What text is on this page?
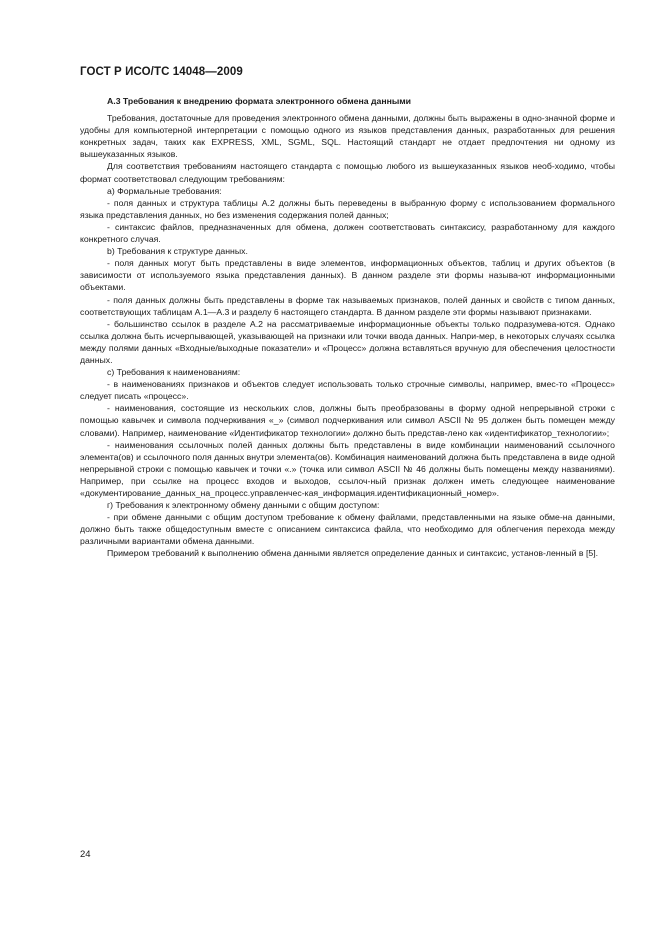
ГОСТ Р ИСО/ТС 14048—2009

А.3 Требования к внедрению формата электронного обмена данными

Требования, достаточные для проведения электронного обмена данными, должны быть выражены в одно-значной форме и удобны для компьютерной интерпретации с помощью одного из языков представления данных, разработанных для решения конкретных задач, таких как EXPRESS, XML, SGML, SQL. Настоящий стандарт не отдает предпочтения ни одному из вышеуказанных языков.

Для соответствия требованиям настоящего стандарта с помощью любого из вышеуказанных языков необ-ходимо, чтобы формат соответствовал следующим требованиям:

а) Формальные требования:

- поля данных и структура таблицы А.2 должны быть переведены в выбранную форму с использованием формального языка представления данных, но без изменения содержания полей данных;

- синтаксис файлов, предназначенных для обмена, должен соответствовать синтаксису, разработанному для каждого конкретного случая.

b) Требования к структуре данных.

- поля данных могут быть представлены в виде элементов, информационных объектов, таблиц и других объектов (в зависимости от используемого языка представления данных). В данном разделе эти формы называ-ют информационными объектами.

- поля данных должны быть представлены в форме так называемых признаков, полей данных и свойств с типом данных, соответствующих таблицам А.1—А.3 и разделу 6 настоящего стандарта. В данном разделе эти формы называют признаками.

- большинство ссылок в разделе А.2 на рассматриваемые информационные объекты только подразумева-ются. Однако ссылка должна быть исчерпывающей, указывающей на признаки или точки ввода данных. Напри-мер, в некоторых случаях ссылка между полями данных «Входные/выходные показатели» и «Процесс» должна вставляться вручную для обеспечения целостности данных.

с) Требования к наименованиям:

- в наименованиях признаков и объектов следует использовать только строчные символы, например, вмес-то «Процесс» следует писать «процесс».

- наименования, состоящие из нескольких слов, должны быть преобразованы в форму одной непрерывной строки с помощью кавычек и символа подчеркивания «_» (символ подчеркивания или символ ASCII № 95 должен быть помещен между словами). Например, наименование «Идентификатор технологии» должно быть представ-лено как «идентификатор_технологии»;

- наименования ссылочных полей данных должны быть представлены в виде комбинации наименований ссылочного элемента(ов) и ссылочного поля данных внутри элемента(ов). Комбинация наименований должна быть представлена в виде одной непрерывной строки с помощью кавычек и точки «.» (точка или символ ASCII № 46 должны быть помещены между названиями). Например, при ссылке на процесс входов и выходов, ссылоч-ный признак должен иметь следующее наименование «документирование_данных_на_процесс.управленчес-кая_информация.идентификационный_номер».

г) Требования к электронному обмену данными с общим доступом:

- при обмене данными с общим доступом требование к обмену файлами, представленными на языке обме-на данными, должно быть также общедоступным вместе с описанием синтаксиса файла, что необходимо для облегчения перехода между различными вариантами обмена данными.

Примером требований к выполнению обмена данными является определение данных и синтаксис, установ-ленный в [5].

24
